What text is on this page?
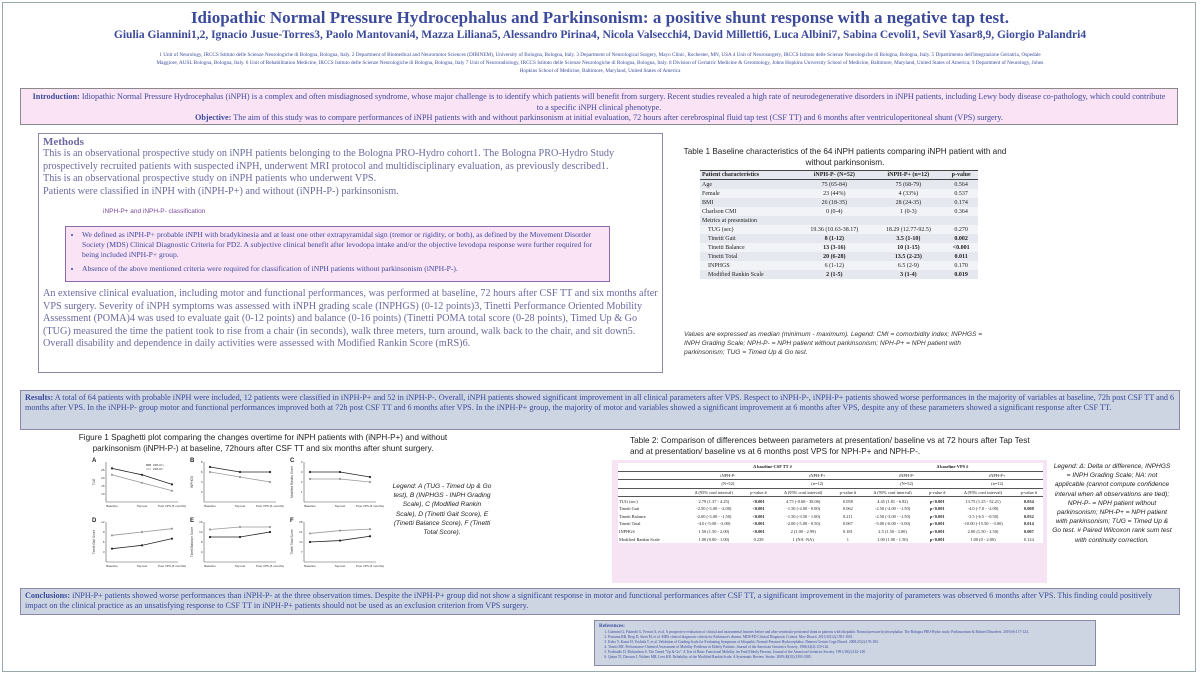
Idiopathic Normal Pressure Hydrocephalus and Parkinsonism: a positive shunt response with a negative tap test.
Giulia Giannini1,2, Ignacio Jusue-Torres3, Paolo Mantovani4, Mazza Liliana5, Alessandro Pirina4, Nicola Valsecchi4, David Milletti6, Luca Albini7, Sabina Cevoli1, Sevil Yasar8,9, Giorgio Palandri4
1 Unit of Neurology, IRCCS Istituto delle Scienze Neurologiche di Bologna, Bologna, Italy. 2 Department of Biomedical and Neuromotor Sciences (DIBINEM), University of Bologna, Bologna, Italy. 3 Department of Neurological Surgery, Mayo Clinic, Rochester, MN, USA 4 Unit of Neurosurgery, IRCCS Istituto delle Scienze Neurologiche di Bologna, Bologna, Italy. 5 Dipartimento dell'Integrazione Geriatria, Ospedale Maggiore, AUSL Bologna, Bologna, Italy. 6 Unit of Rehabilitation Medicine, IRCCS Istituto delle Scienze Neurologiche di Bologna, Bologna, Italy 7 Unit of Neuroradiology, IRCCS Istituto delle Scienze Neurologiche di Bologna, Bologna, Italy. 8 Division of Geriatric Medicine & Gerontology, Johns Hopkins University School of Medicine, Baltimore, Maryland, United States of America; 9 Department of Neurology, Johns Hopkins School of Medicine, Baltimore, Maryland, United States of America
Introduction: Idiopathic Normal Pressure Hydrocephalus (iNPH) is a complex and often misdiagnosed syndrome, whose major challenge is to identify which patients will benefit from surgery. Recent studies revealed a high rate of neurodegenerative disorders in iNPH patients, including Lewy body disease co-pathology, which could contribute to a specific iNPH clinical phenotype.
Objective: The aim of this study was to compare performances of iNPH patients with and without parkinsonism at initial evaluation, 72 hours after cerebrospinal fluid tap test (CSF TT) and 6 months after ventriculoperitoneal shunt (VPS) surgery.
Methods
This is an observational prospective study on iNPH patients belonging to the Bologna PRO-Hydro cohort1. The Bologna PRO-Hydro Study prospectively recruited patients with suspected iNPH, underwent MRI protocol and multidisciplinary evaluation, as previously described1.
This is an observational prospective study on iNPH patients who underwent VPS.
Patients were classified in iNPH with (iNPH-P+) and without (iNPH-P-) parkinsonism.
iNPH-P+ and iNPH-P- classification
• We defined as iNPH-P+ probable iNPH with bradykinesia and at least one other extrapyramidal sign (tremor or rigidity, or both), as defined by the Movement Disorder Society (MDS) Clinical Diagnostic Criteria for PD2. A subjective clinical benefit after levodopa intake and/or the objective levodopa response were further required for being included iNPH-P+ group.
• Absence of the above mentioned criteria were required for classification of iNPH patients without parkinsonism (iNPH-P-).
An extensive clinical evaluation, including motor and functional performances, was performed at baseline, 72 hours after CSF TT and six months after VPS surgery. Severity of iNPH symptoms was assessed with iNPH grading scale (INPHGS) (0-12 points)3, Tinetti Performance Oriented Mobility Assessment (POMA)4 was used to evaluate gait (0-12 points) and balance (0-16 points) (Tinetti POMA total score (0-28 points), Timed Up & Go (TUG) measured the time the patient took to rise from a chair (in seconds), walk three meters, turn around, walk back to the chair, and sit down5. Overall disability and dependence in daily activities were assessed with Modified Rankin Score (mRS)6.
Table 1 Baseline characteristics of the 64 iNPH patients comparing iNPH patient with and without parkinsonism.
Patient characteristics	iNPH-P- (N=52)	iNPH-P+ (n=12)	p-value
Age	75 (65-84)	75 (68-79)	0.564
Female	23 (44%)	4 (33%)	0.537
BMI	26 (18-35)	28 (24-35)	0.174
Charlson CMI	0 (0-4)	1 (0-3)	0.364
Metrics at presentation			
TUG (sec)	19.36 (10.63-38.17)	18.29 (12.77-92.5)	0.270
Tinetti Gait	8 (1-12)	3.5 (1-10)	0.002
Tinetti Balance	13 (3-16)	10 (1-15)	<0.001
Tinetti Total	20 (6-28)	13.5 (2-23)	0.011
INPHGS	6 (1-12)	6.5 (2-9)	0.170
Modified Rankin Scale	2 (1-5)	3 (1-4)	0.019
Values are expressed as median (minimum - maximum). Legend: CMI = comorbidity index; INPHGS = INPH Grading Scale; NPH-P- = NPH patient without parkinsonism; NPH-P+ = NPH patient with parkinsonism; TUG = Timed Up & Go test.
Results: A total of 64 patients with probable iNPH were included, 12 patients were classified in iNPH-P+ and 52 in iNPH-P-. Overall, iNPH patients showed significant improvement in all clinical parameters after VPS. Respect to iNPH-P-, iNPH-P+ patients showed worse performances in the majority of variables at baseline, 72h post CSF TT and 6 months after VPS. In the iNPH-P- group motor and functional performances improved both at 72h post CSF TT and 6 months after VPS. In the iNPH-P+ group, the majority of motor and variables showed a significant improvement at 6 months after VPS, despite any of these parameters showed a significant response after CSF TT.
Figure 1 Spaghetti plot comparing the changes overtime for iNPH patients with (iNPH-P+) and without parkinsonism (iNPH-P-) at baseline, 72hours after CSF TT and six months after shunt surgery.
A
TUG
10
15
20
25
Baseline	Tap test	Post VPS (6 months)
iNPH-P+
iNPH-P-
B
INPHGS
2
4
6
8
Baseline	Tap test	Post VPS (6 months)
C
Modified Rankin Score 1
2
3
4
Baseline	Tap test	Post VPS (6 months)
D
Tinetti Gait Score 3
6
9
12
Baseline	Tap test	Post VPS (6 months)
E
Tinetti Balance Score 4
8
12
16
Baseline	Tap test	Post VPS (6 months)
F
Tinetti Total Score 7
14
21
28
Baseline	Tap test	Post VPS (6 months)
Legend: A (TUG - Timed Up & Go test), B (INPHGS - INPH Grading Scale), C (Modified Rankin Scale), D (Tinetti Gait Score), E (Tinetti Balance Score), F (Tinetti Total Score).
Table 2: Comparison of differences between parameters at presentation/ baseline vs at 72 hours after Tap Test and at presentation/ baseline vs at 6 months post VPS for NPH-P+ and NPH-P-.
	Δ baseline-CSF TT #				Δ baseline-VPS #			
	iNPH-P-		iNPH-P+		iNPH-P-		iNPH-P+	
	(N=52)		(n=12)		(N=52)		(n=12)	
	Δ (95% conf interval)	p-value #	Δ (95% conf interval)	p-value #	Δ (95% conf interval)	p-value #	Δ (95% conf interval)	p-value #
TUG (sec)	2.79 (1.37 - 4.25)	<0.001	4.75 (-0.68 - 38.06)	0.058	4.45 (1.81 - 6.82)	p<0.001	13.75 (1.25 - 52.21)	0.034
Tinetti Gait	-2.50 (-3.00 - -2.00)	<0.001	-1.50 (-4.00 - 0.00)	0.062	-2.50 (-4.00 - -1.50)	p<0.001	-4.0 (-7.0 - -2.00)	0.008
Tinetti Balance	-2.00 (-3.00 - -1.50)	<0.001	-1.50 (-3.50 - 1.00)	0.211	-2.50 (-3.00 - -1.50)	p<0.001	-3.5 (-6.5 - -0.50)	0.032
Tinetti Total	-4.0 (-5.00 - -3.00)	<0.001	-2.00 (-5.00 - 0.50)	0.067	-5.00 (-6.00 - -3.00)	p<0.001	-10.00 (-15.50 - -3.00)	0.014
INPHGS	1.50 (1.50 - 2.00)	<0.001	2 (1.00 - 2.99)	0.181	2.5 (1.50 - 3.00)	p<0.001	2.00 (1.50 - 2.50)	0.007
Modified Rankin Scale	1.00 (0.00 - 1.00)	0.239	1 (NA -NA)	1	1.00 (1.00 - 1.50)	p<0.001	1.00 (0 - 2.00)	0.124
Legend: Δ: Delta or difference, INPHGS = INPH Grading Scale; NA: not applicable (cannot compute confidence interval when all observations are tied); NPH-P- = NPH patient without parkinsonism; NPH-P+ = NPH patient with parkinsonism; TUG = Timed Up & Go test. # Paired Wilcoxon rank sum test with continuity correction.
Conclusions: iNPH-P+ patients showed worse performances than iNPH-P- at the three observation times. Despite the iNPH-P+ group did not show a significant response in motor and functional performances after CSF TT, a significant improvement in the majority of parameters was observed 6 months after VPS. This finding could positively impact on the clinical practice as an unsatisfying response to CSF TT in iNPH-P+ patients should not be used as an exclusion criterion from VPS surgery.
References:
1. Giannini G, Palandri G, Ferrari A, et al. A prospective evaluation of clinical and instrumental features before and after ventriculo-peritoneal shunt in patients with idiopathic Normal pressure hydrocephalus: The Bologna PRO-Hydro study. Parkinsonism & Related Disorders. 2019;66:117-124.
2. Postuma RB, Berg D, Stern M, et al. MDS clinical diagnostic criteria for Parkinson's disease. MDS-PD Clinical Diagnostic Criteria. Mov Disord. 2015;30(12):1591-1601.
3. Kubo Y, Kazui H, Yoshida T, et al. Validation of Grading Scale for Evaluating Symptoms of Idiopathic Normal-Pressure Hydrocephalus. Dement Geriatr Cogn Disord. 2008;25(2):176-183.
4. Tinetti ME. Performance-Oriented Assessment of Mobility Problems in Elderly Patients. Journal of the American Geriatrics Society. 1986;34(2):119-126.
5. Podsiadlo D, Richardson S. The Timed "Up & Go": A Test of Basic Functional Mobility for Frail Elderly Persons. Journal of the American Geriatrics Society. 1991;39(2):142-148.
6. Quinn TJ, Dawson J, Walters MR, Lees KR. Reliability of the Modified Rankin Scale: A Systematic Review. Stroke. 2009;40(10):3393-3395.
